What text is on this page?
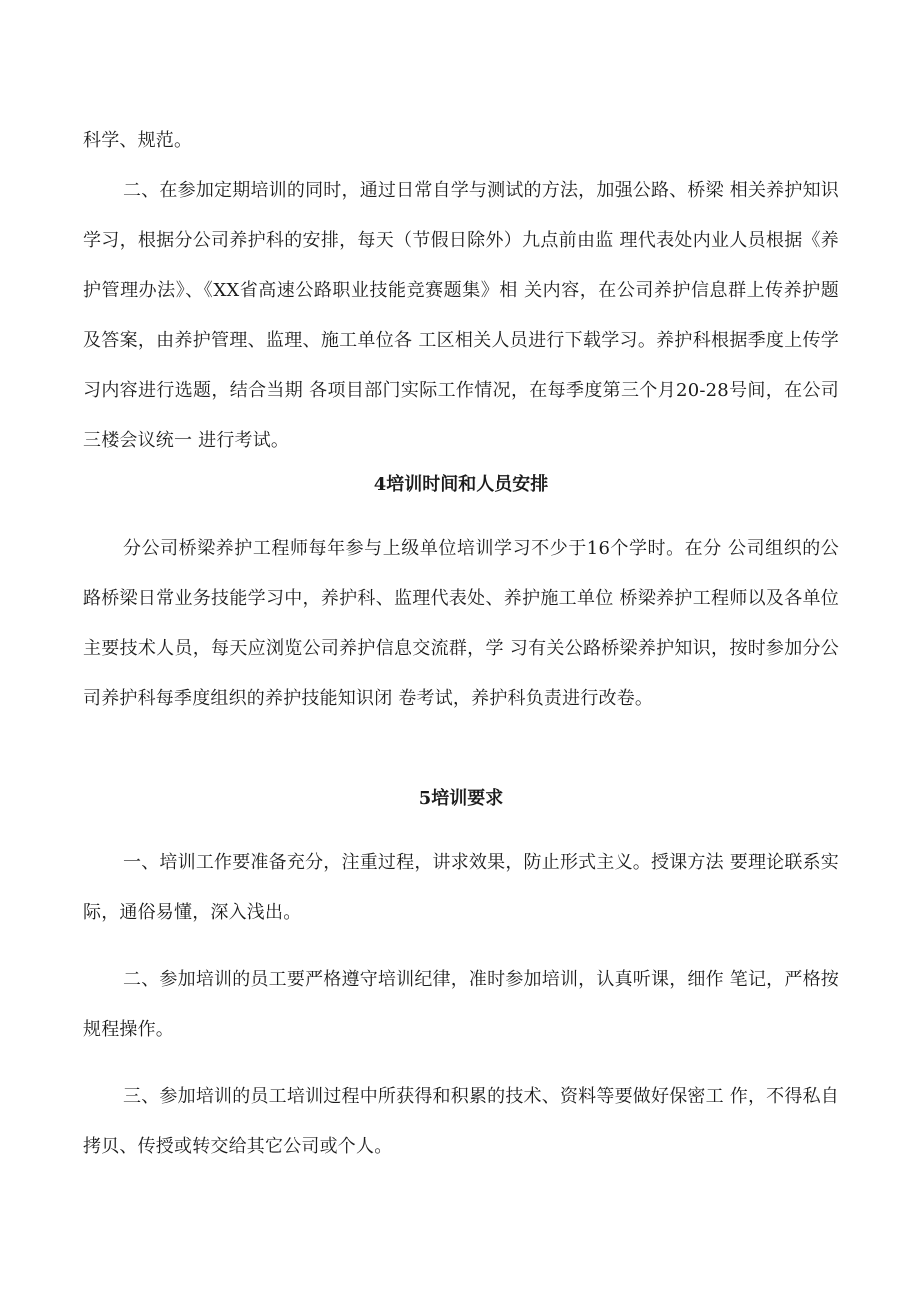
科学、规范。

二、在参加定期培训的同时，通过日常自学与测试的方法，加强公路、桥梁 相关养护知识学习，根据分公司养护科的安排，每天（节假日除外）九点前由监 理代表处内业人员根据《养护管理办法》、《XX省高速公路职业技能竞赛题集》相 关内容，在公司养护信息群上传养护题及答案，由养护管理、监理、施工单位各 工区相关人员进行下载学习。养护科根据季度上传学习内容进行选题，结合当期 各项目部门实际工作情况，在每季度第三个月20-28号间，在公司三楼会议统一 进行考试。

4培训时间和人员安排

分公司桥梁养护工程师每年参与上级单位培训学习不少于16个学时。在分 公司组织的公路桥梁日常业务技能学习中，养护科、监理代表处、养护施工单位 桥梁养护工程师以及各单位主要技术人员，每天应浏览公司养护信息交流群，学 习有关公路桥梁养护知识，按时参加分公司养护科每季度组织的养护技能知识闭 卷考试，养护科负责进行改卷。

5培训要求

一、培训工作要准备充分，注重过程，讲求效果，防止形式主义。授课方法 要理论联系实际，通俗易懂，深入浅出。

二、参加培训的员工要严格遵守培训纪律，准时参加培训，认真听课，细作 笔记，严格按规程操作。

三、参加培训的员工培训过程中所获得和积累的技术、资料等要做好保密工 作，不得私自拷贝、传授或转交给其它公司或个人。
